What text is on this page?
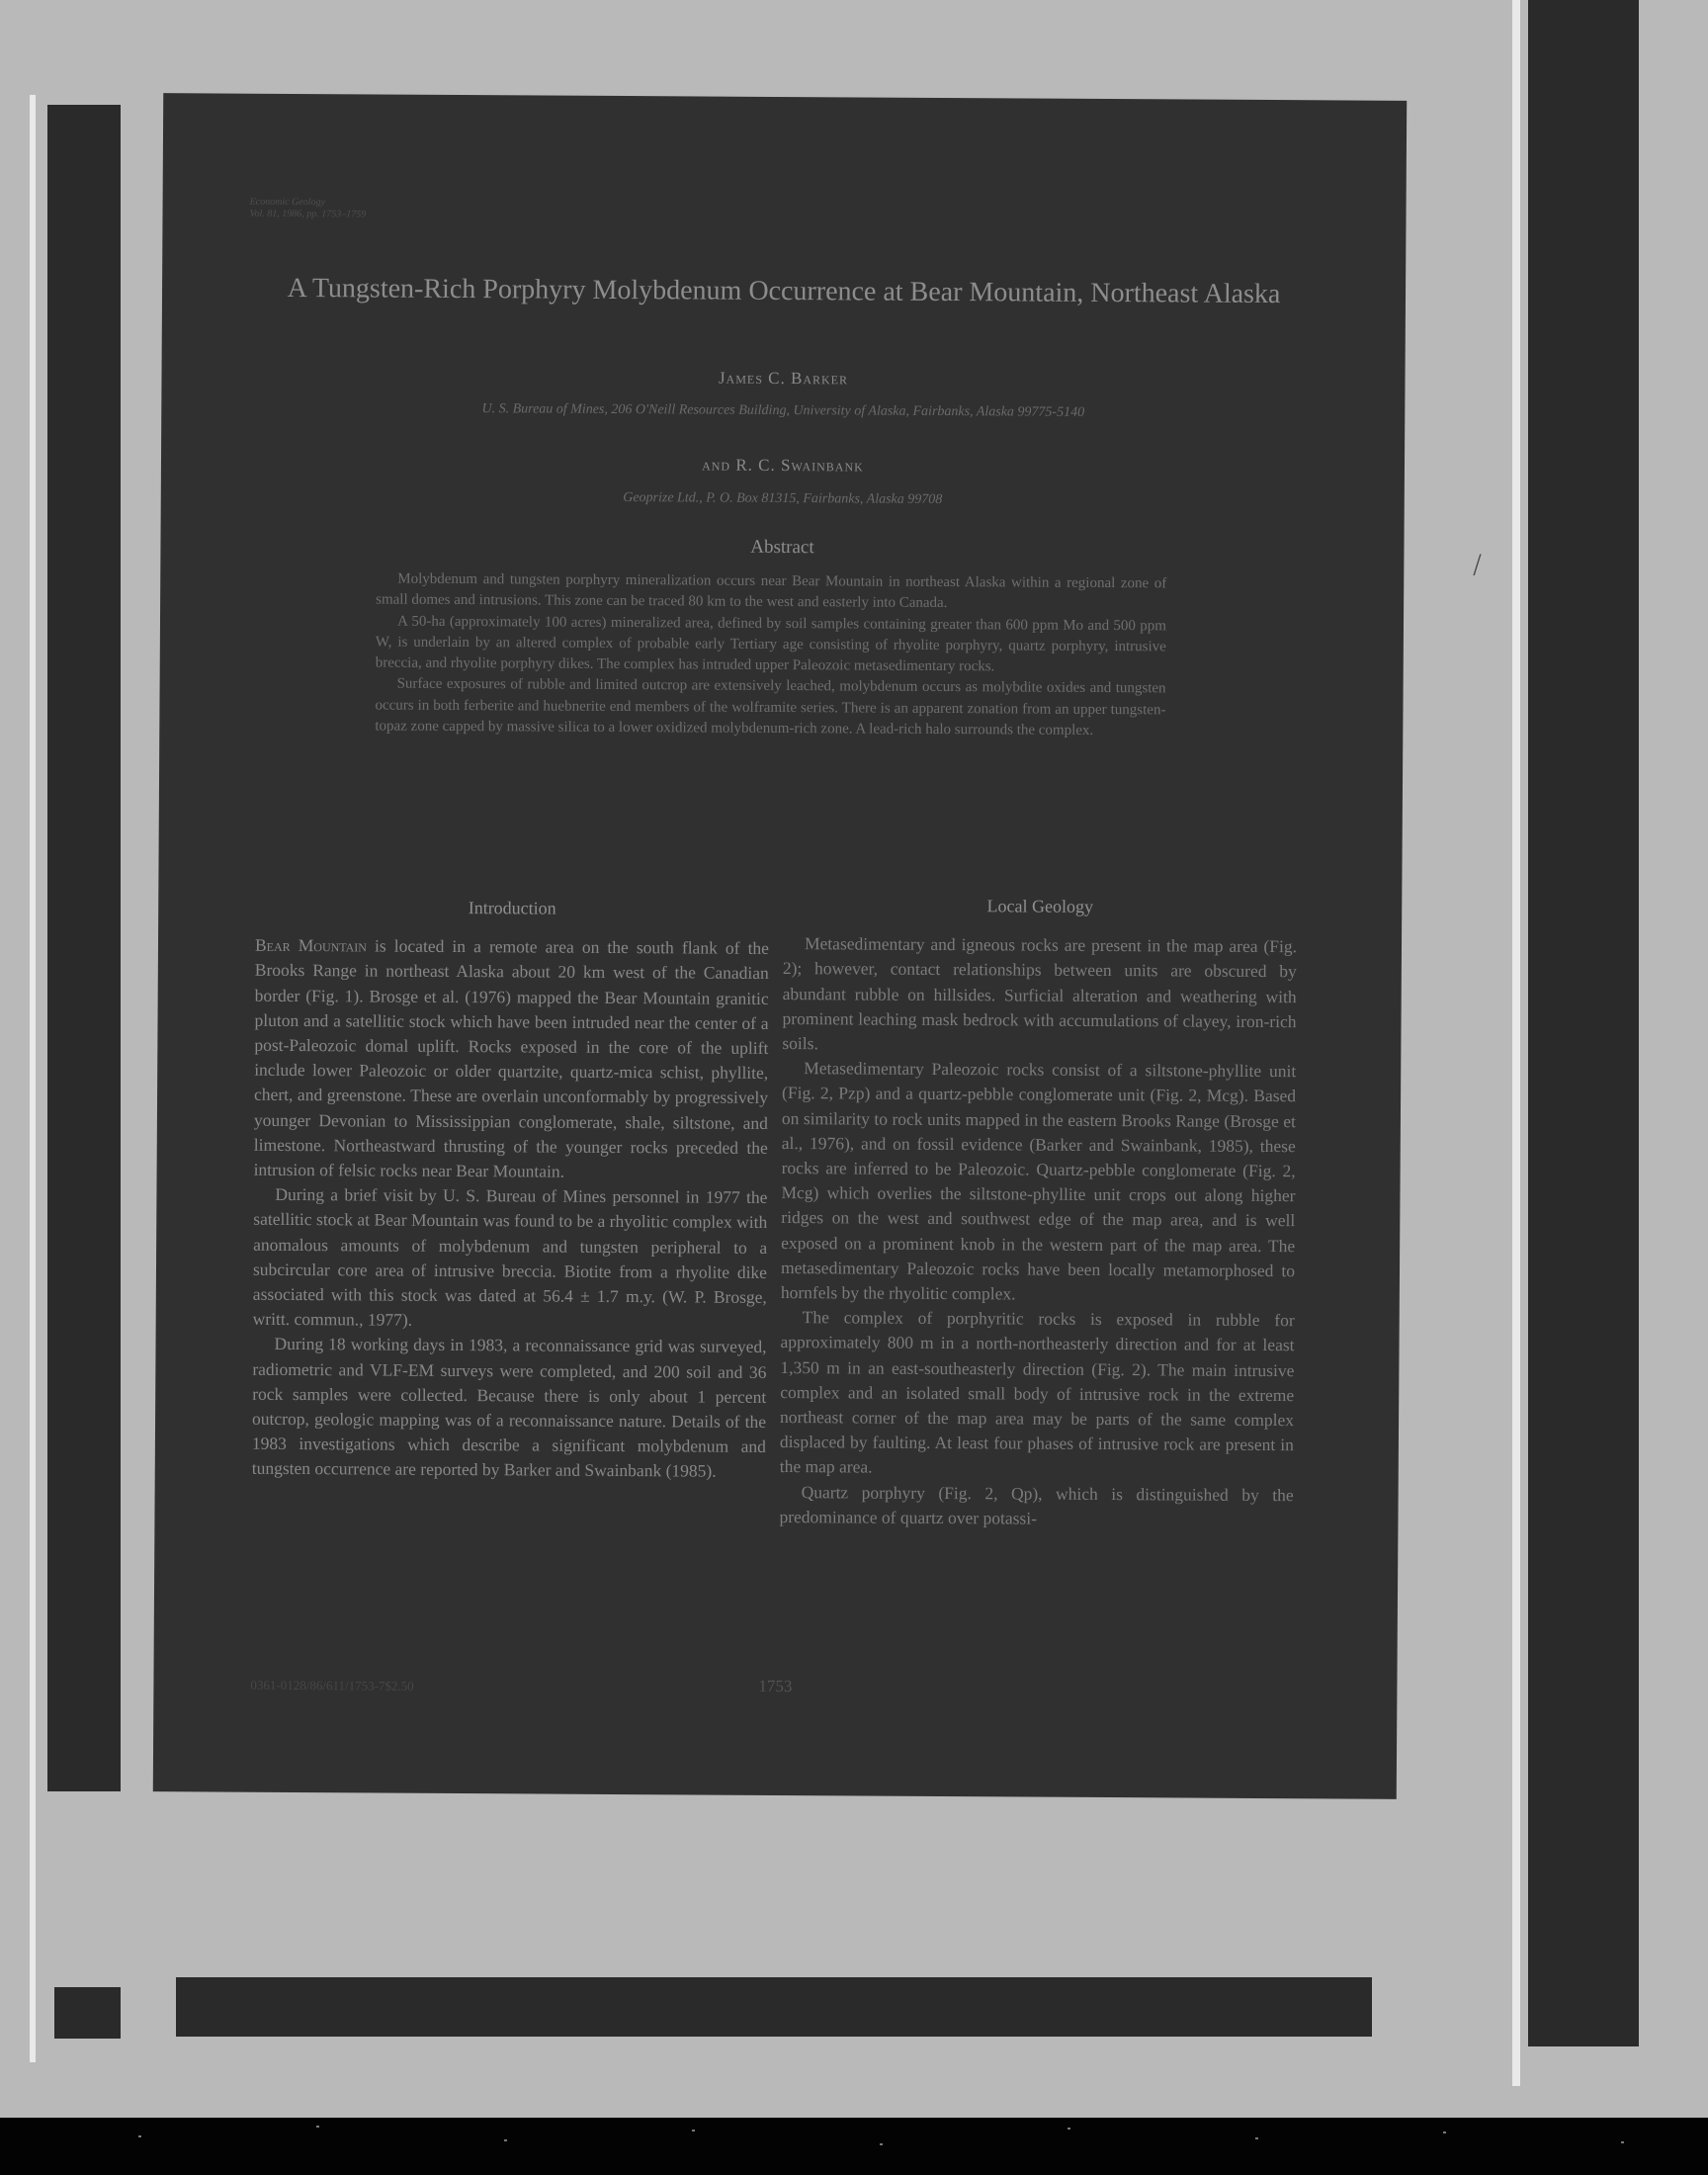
/
Economic Geology
Vol. 81, 1986, pp. 1753–1759
A Tungsten-Rich Porphyry Molybdenum Occurrence at Bear Mountain, Northeast Alaska
James C. Barker
U. S. Bureau of Mines, 206 O'Neill Resources Building, University of Alaska, Fairbanks, Alaska 99775-5140
and R. C. Swainbank
Geoprize Ltd., P. O. Box 81315, Fairbanks, Alaska 99708
Abstract

Molybdenum and tungsten porphyry mineralization occurs near Bear Mountain in northeast Alaska within a regional zone of small domes and intrusions. This zone can be traced 80 km to the west and easterly into Canada.

A 50-ha (approximately 100 acres) mineralized area, defined by soil samples containing greater than 600 ppm Mo and 500 ppm W, is underlain by an altered complex of probable early Tertiary age consisting of rhyolite porphyry, quartz porphyry, intrusive breccia, and rhyolite porphyry dikes. The complex has intruded upper Paleozoic metasedimentary rocks.

Surface exposures of rubble and limited outcrop are extensively leached, molybdenum occurs as molybdite oxides and tungsten occurs in both ferberite and huebnerite end members of the wolframite series. There is an apparent zonation from an upper tungsten-topaz zone capped by massive silica to a lower oxidized molybdenum-rich zone. A lead-rich halo surrounds the complex.

Introduction

Bear Mountain is located in a remote area on the south flank of the Brooks Range in northeast Alaska about 20 km west of the Canadian border (Fig. 1). Brosge et al. (1976) mapped the Bear Mountain granitic pluton and a satellitic stock which have been intruded near the center of a post-Paleozoic domal uplift. Rocks exposed in the core of the uplift include lower Paleozoic or older quartzite, quartz-mica schist, phyllite, chert, and greenstone. These are overlain unconformably by progressively younger Devonian to Mississippian conglomerate, shale, siltstone, and limestone. Northeastward thrusting of the younger rocks preceded the intrusion of felsic rocks near Bear Mountain.

During a brief visit by U. S. Bureau of Mines personnel in 1977 the satellitic stock at Bear Mountain was found to be a rhyolitic complex with anomalous amounts of molybdenum and tungsten peripheral to a subcircular core area of intrusive breccia. Biotite from a rhyolite dike associated with this stock was dated at 56.4 ± 1.7 m.y. (W. P. Brosge, writt. commun., 1977).

During 18 working days in 1983, a reconnaissance grid was surveyed, radiometric and VLF-EM surveys were completed, and 200 soil and 36 rock samples were collected. Because there is only about 1 percent outcrop, geologic mapping was of a reconnaissance nature. Details of the 1983 investigations which describe a significant molybdenum and tungsten occurrence are reported by Barker and Swainbank (1985).

Local Geology

Metasedimentary and igneous rocks are present in the map area (Fig. 2); however, contact relationships between units are obscured by abundant rubble on hillsides. Surficial alteration and weathering with prominent leaching mask bedrock with accumulations of clayey, iron-rich soils.

Metasedimentary Paleozoic rocks consist of a siltstone-phyllite unit (Fig. 2, Pzp) and a quartz-pebble conglomerate unit (Fig. 2, Mcg). Based on similarity to rock units mapped in the eastern Brooks Range (Brosge et al., 1976), and on fossil evidence (Barker and Swainbank, 1985), these rocks are inferred to be Paleozoic. Quartz-pebble conglomerate (Fig. 2, Mcg) which overlies the siltstone-phyllite unit crops out along higher ridges on the west and southwest edge of the map area, and is well exposed on a prominent knob in the western part of the map area. The metasedimentary Paleozoic rocks have been locally metamorphosed to hornfels by the rhyolitic complex.

The complex of porphyritic rocks is exposed in rubble for approximately 800 m in a north-northeasterly direction and for at least 1,350 m in an east-southeasterly direction (Fig. 2). The main intrusive complex and an isolated small body of intrusive rock in the extreme northeast corner of the map area may be parts of the same complex displaced by faulting. At least four phases of intrusive rock are present in the map area.

Quartz porphyry (Fig. 2, Qp), which is distinguished by the predominance of quartz over potassi-

0361-0128/86/611/1753-7$2.50	1753
